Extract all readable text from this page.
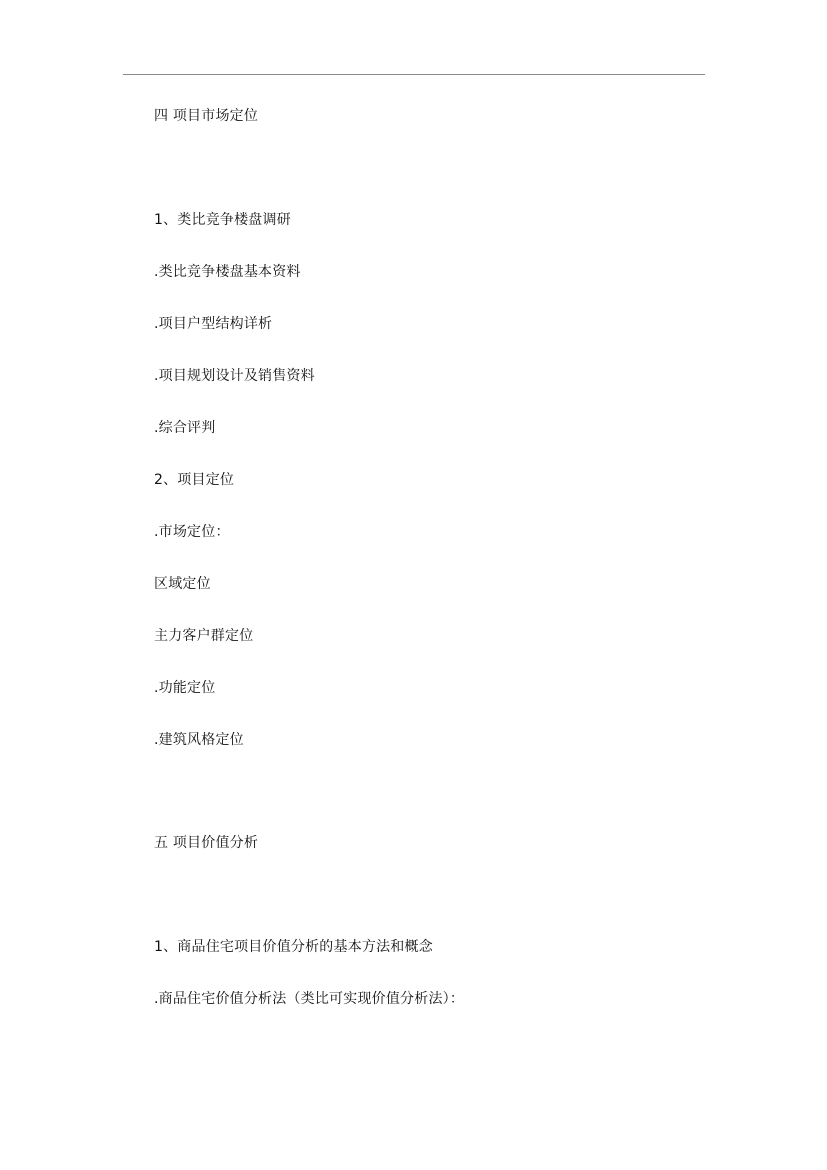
四 项目市场定位
1、类比竞争楼盘调研
.类比竞争楼盘基本资料
.项目户型结构详析
.项目规划设计及销售资料
.综合评判
2、项目定位
.市场定位：
区域定位
主力客户群定位
.功能定位
.建筑风格定位
五 项目价值分析
1、商品住宅项目价值分析的基本方法和概念
.商品住宅价值分析法（类比可实现价值分析法）：
